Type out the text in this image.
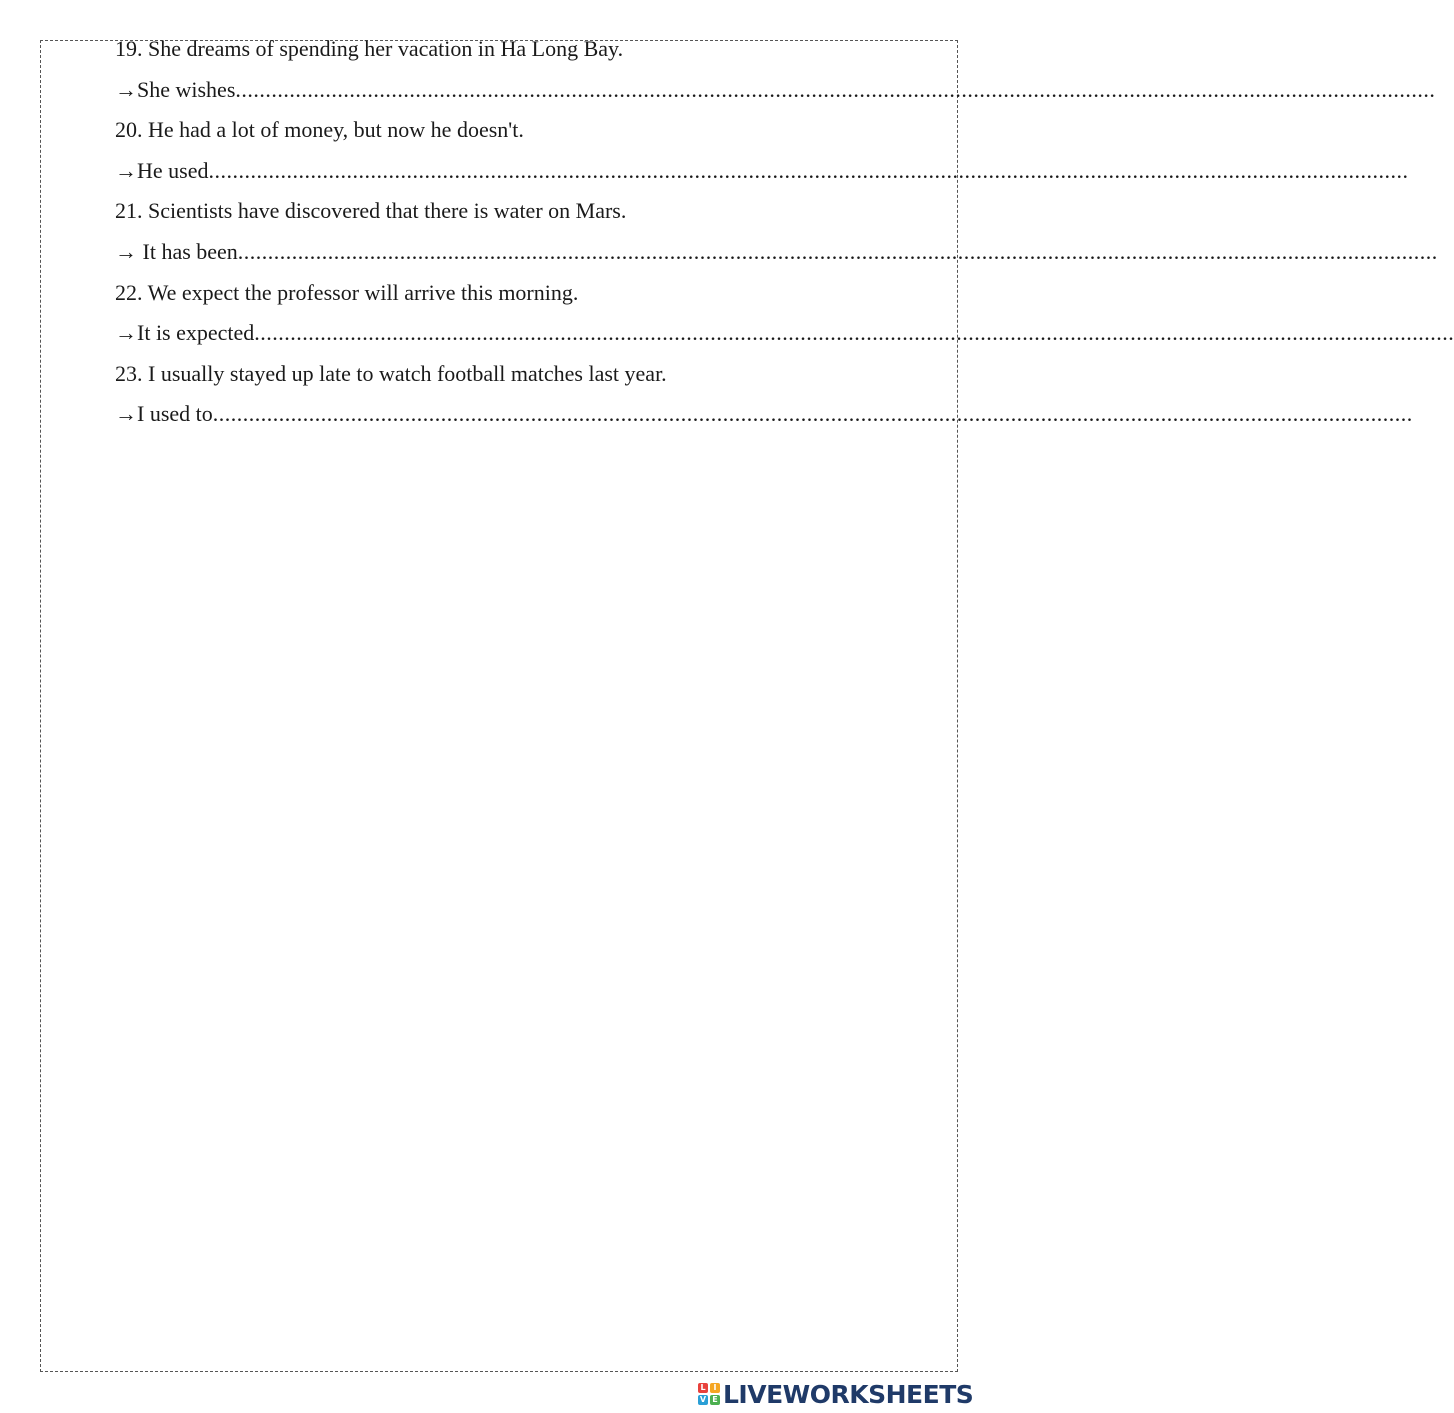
19. She dreams of spending her vacation in Ha Long Bay.
→She wishes ........................................................................................................................................................................................................
20. He had a lot of money, but now he doesn't.
→He used ........................................................................................................................................................................................................
21. Scientists have discovered that there is water on Mars.
→ It has been ........................................................................................................................................................................................................
22. We expect the professor will arrive this morning.
→It is expected ........................................................................................................................................................................................................
23. I usually stayed up late to watch football matches last year.
→I used to ........................................................................................................................................................................................................
L I
V E LIVEWORKSHEETS
